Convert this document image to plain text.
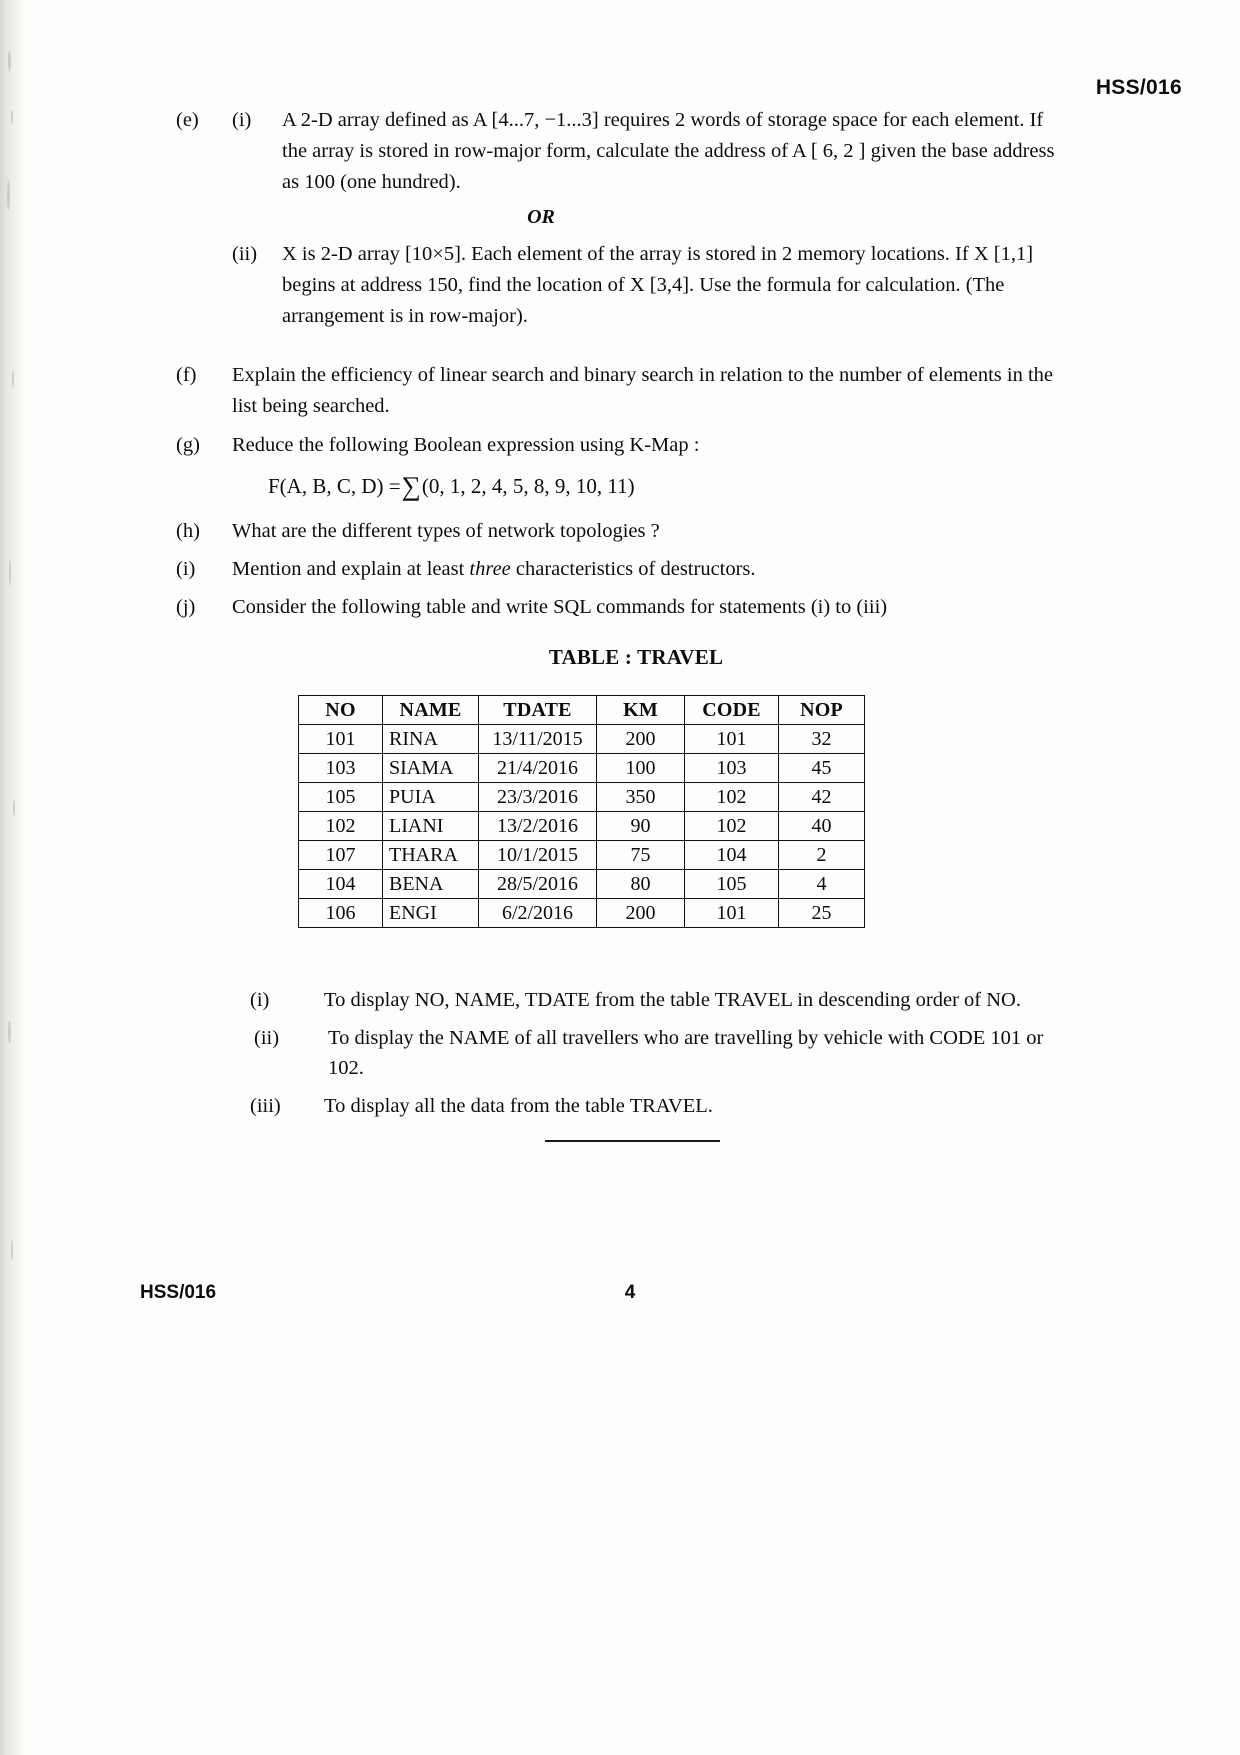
HSS/016
(e)	(i)	A 2-D array defined as A [4...7, −1...3] requires 2 words of storage space for each element. If the array is stored in row-major form, calculate the address of A [ 6, 2 ] given the base address as 100 (one hundred).
OR
(ii)	X is 2-D array [10×5]. Each element of the array is stored in 2 memory locations. If X [1,1] begins at address 150, find the location of X [3,4]. Use the formula for calculation. (The arrangement is in row-major).
(f)	Explain the efficiency of linear search and binary search in relation to the number of elements in the list being searched.
(g)	Reduce the following Boolean expression using K-Map :
F(A, B, C, D) =∑(0, 1, 2, 4, 5, 8, 9, 10, 11)
(h)	What are the different types of network topologies ?
(i)	Mention and explain at least three characteristics of destructors.
(j)	Consider the following table and write SQL commands for statements (i) to (iii)
TABLE : TRAVEL
NO	NAME	TDATE	KM	CODE	NOP
101	RINA	13/11/2015	200	101	32
103	SIAMA	21/4/2016	100	103	45
105	PUIA	23/3/2016	350	102	42
102	LIANI	13/2/2016	90	102	40
107	THARA	10/1/2015	75	104	2
104	BENA	28/5/2016	80	105	4
106	ENGI	6/2/2016	200	101	25
(i)	To display NO, NAME, TDATE from the table TRAVEL in descending order of NO.
(ii)	To display the NAME of all travellers who are travelling by vehicle with CODE 101 or 102.
(iii)	To display all the data from the table TRAVEL.
HSS/016	4
